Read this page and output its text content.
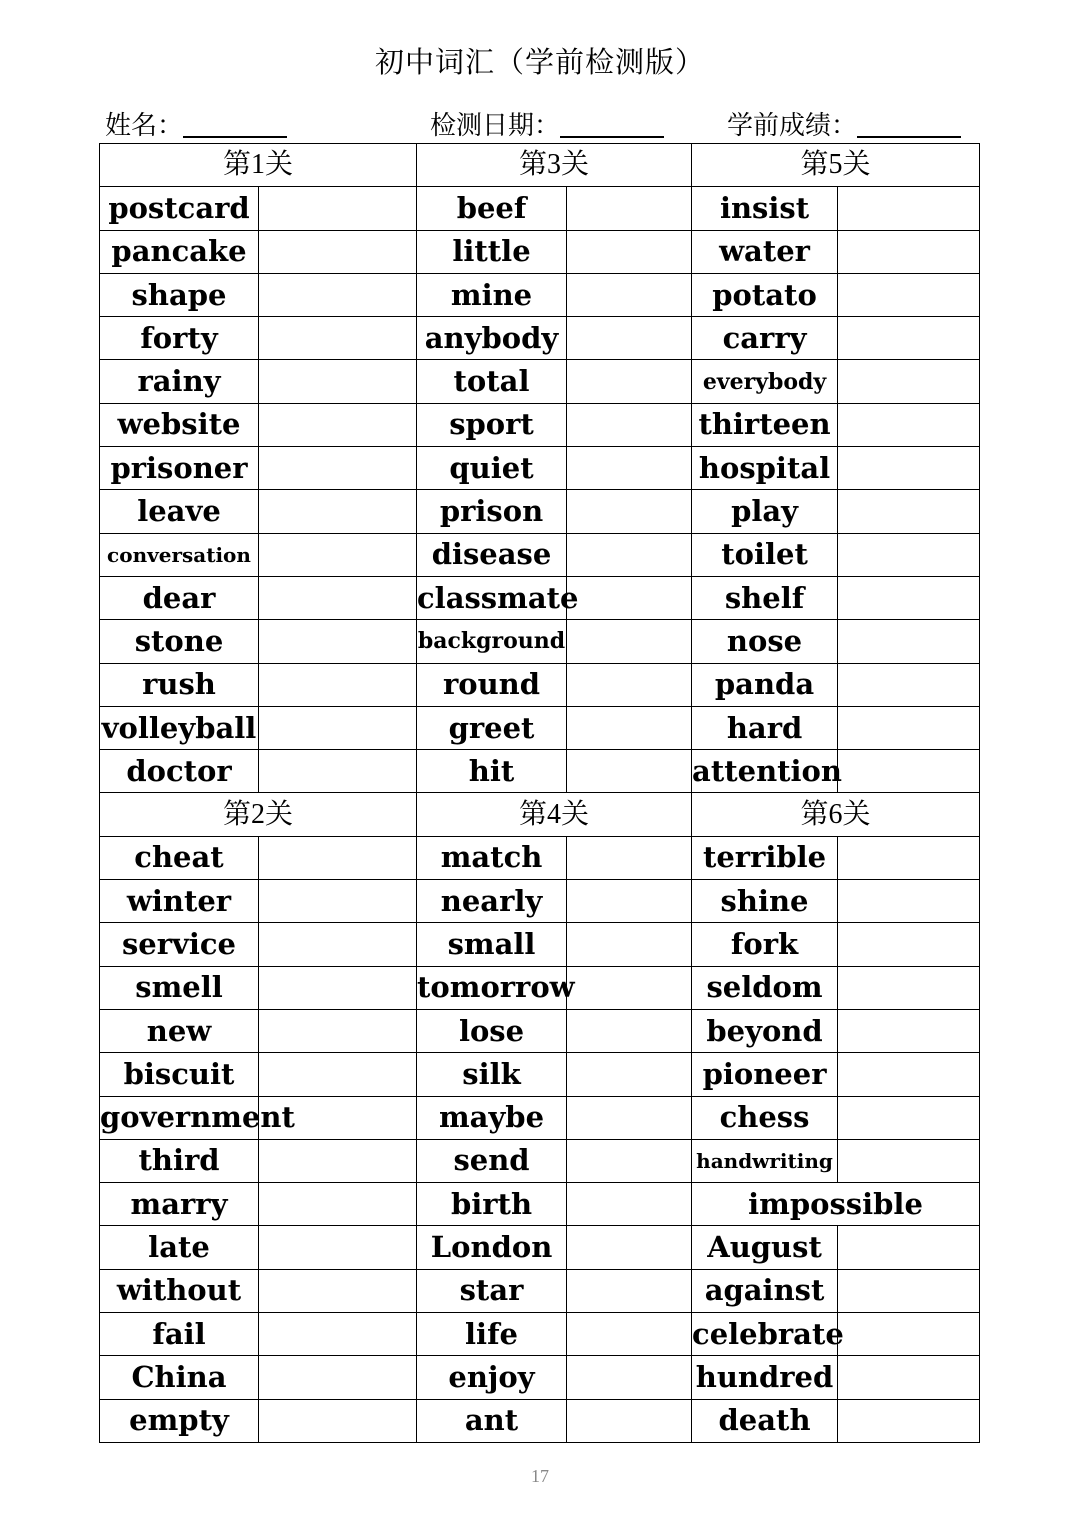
初中词汇（学前检测版）
姓名：	检测日期：	学前成绩：
第1关		第3关		第5关	
postcard		beef		insist	
pancake		little		water	
shape		mine		potato	
forty		anybody		carry	
rainy		total		everybody	
website		sport		thirteen	
prisoner		quiet		hospital	
leave		prison		play	
conversation		disease		toilet	
dear		classmate		shelf	
stone		background		nose	
rush		round		panda	
volleyball		greet		hard	
doctor		hit		attention	
第2关		第4关		第6关	
cheat		match		terrible	
winter		nearly		shine	
service		small		fork	
smell		tomorrow		seldom	
new		lose		beyond	
biscuit		silk		pioneer	
government		maybe		chess	
third		send		handwriting	
marry		birth		impossible	
late		London		August	
without		star		against	
fail		life		celebrate	
China		enjoy		hundred	
empty		ant		death	
17
